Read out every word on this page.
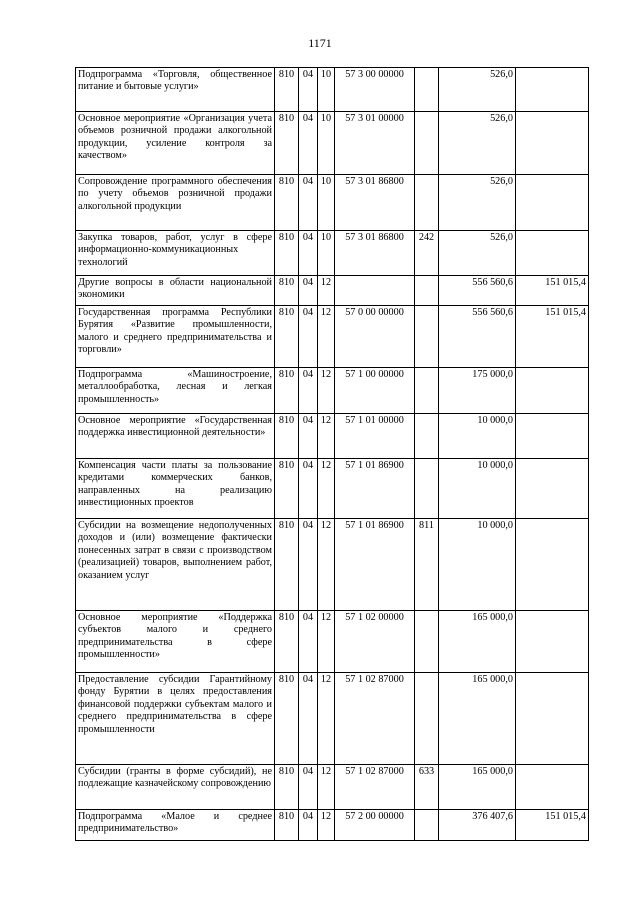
1171
Подпрограмма «Торговля, общественное питание и бытовые услуги»	810	04	10	57 3 00 00000		526,0	
Основное мероприятие «Организация учета объемов розничной продажи алкогольной продукции, усиление контроля за качеством»	810	04	10	57 3 01 00000		526,0	
Сопровождение программного обеспечения по учету объемов розничной продажи алкогольной продукции	810	04	10	57 3 01 86800		526,0	
Закупка товаров, работ, услуг в сфере информационно-коммуникационных технологий	810	04	10	57 3 01 86800	242	526,0	
Другие вопросы в области национальной экономики	810	04	12			556 560,6	151 015,4
Государственная программа Республики Бурятия «Развитие промышленности, малого и среднего предпринимательства и торговли»	810	04	12	57 0 00 00000		556 560,6	151 015,4
Подпрограмма «Машиностроение, металлообработка, лесная и легкая промышленность»	810	04	12	57 1 00 00000		175 000,0	
Основное мероприятие «Государственная поддержка инвестиционной деятельности»	810	04	12	57 1 01 00000		10 000,0	
Компенсация части платы за пользование кредитами коммерческих банков, направленных на реализацию инвестиционных проектов	810	04	12	57 1 01 86900		10 000,0	
Субсидии на возмещение недополученных доходов и (или) возмещение фактически понесенных затрат в связи с производством (реализацией) товаров, выполнением работ, оказанием услуг	810	04	12	57 1 01 86900	811	10 000,0	
Основное мероприятие «Поддержка субъектов малого и среднего предпринимательства в сфере промышленности»	810	04	12	57 1 02 00000		165 000,0	
Предоставление субсидии Гарантийному фонду Бурятии в целях предоставления финансовой поддержки субъектам малого и среднего предпринимательства в сфере промышленности	810	04	12	57 1 02 87000		165 000,0	
Субсидии (гранты в форме субсидий), не подлежащие казначейскому сопровождению	810	04	12	57 1 02 87000	633	165 000,0	
Подпрограмма «Малое и среднее предпринимательство»	810	04	12	57 2 00 00000		376 407,6	151 015,4
